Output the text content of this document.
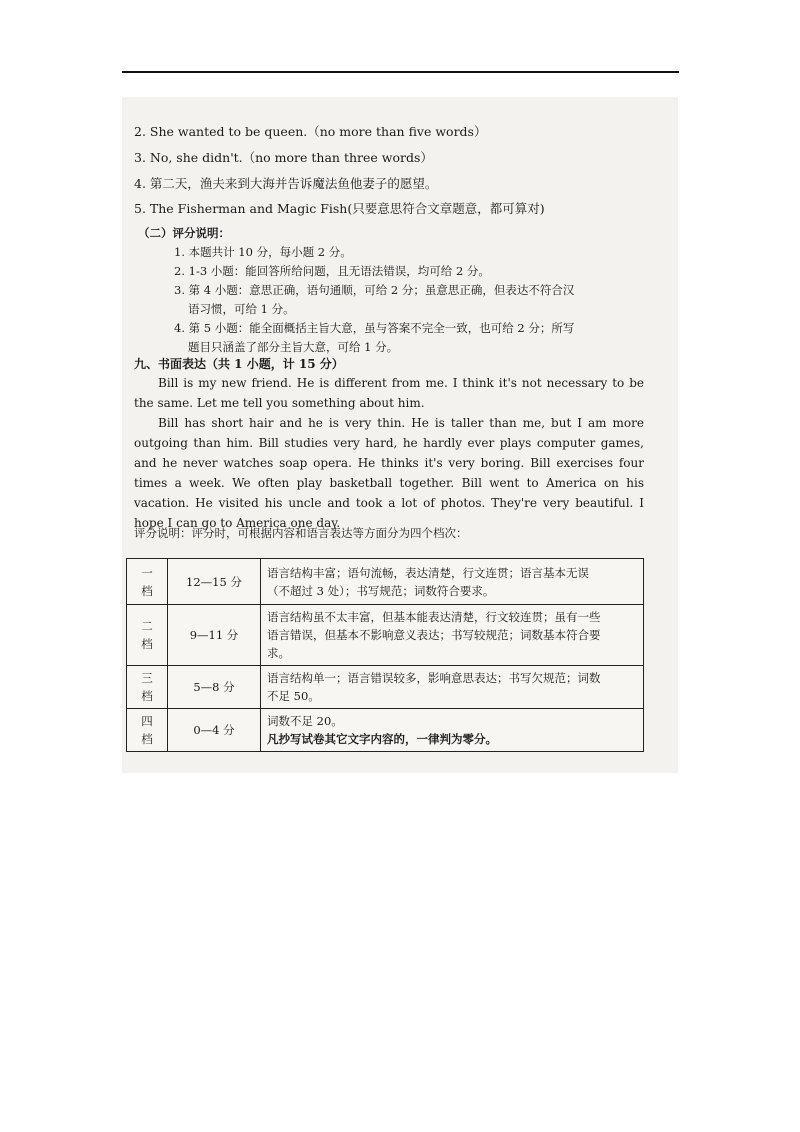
2. She wanted to be queen.（no more than five words）
3. No, she didn't.（no more than three words）
4. 第二天，渔夫来到大海并告诉魔法鱼他妻子的愿望。
5. The Fisherman and Magic Fish(只要意思符合文章题意，都可算对)
（二）评分说明：
1. 本题共计 10 分，每小题 2 分。
2. 1-3 小题：能回答所给问题，且无语法错误，均可给 2 分。
3. 第 4 小题：意思正确，语句通顺，可给 2 分；虽意思正确，但表达不符合汉
语习惯，可给 1 分。
4. 第 5 小题：能全面概括主旨大意，虽与答案不完全一致，也可给 2 分；所写
题目只涵盖了部分主旨大意，可给 1 分。
九、书面表达（共 1 小题，计 15 分）

Bill is my new friend. He is different from me. I think it's not necessary to be the same. Let me tell you something about him.

Bill has short hair and he is very thin. He is taller than me, but I am more outgoing than him. Bill studies very hard, he hardly ever plays computer games, and he never watches soap opera. He thinks it's very boring. Bill exercises four times a week. We often play basketball together. Bill went to America on his vacation. He visited his uncle and took a lot of photos. They're very beautiful. I hope I can go to America one day.

评分说明：评分时，可根据内容和语言表达等方面分为四个档次：
一
档	12—15 分	语言结构丰富；语句流畅，表达清楚，行文连贯；语言基本无误
（不超过 3 处）；书写规范；词数符合要求。

二
档	9—11 分	语言结构虽不太丰富，但基本能表达清楚，行文较连贯；虽有一些
语言错误，但基本不影响意义表达；书写较规范；词数基本符合要
求。

三
档	5—8 分	语言结构单一；语言错误较多，影响意思表达；书写欠规范；词数
不足 50。

四
档	0—4 分	词数不足 20。
凡抄写试卷其它文字内容的，一律判为零分。
